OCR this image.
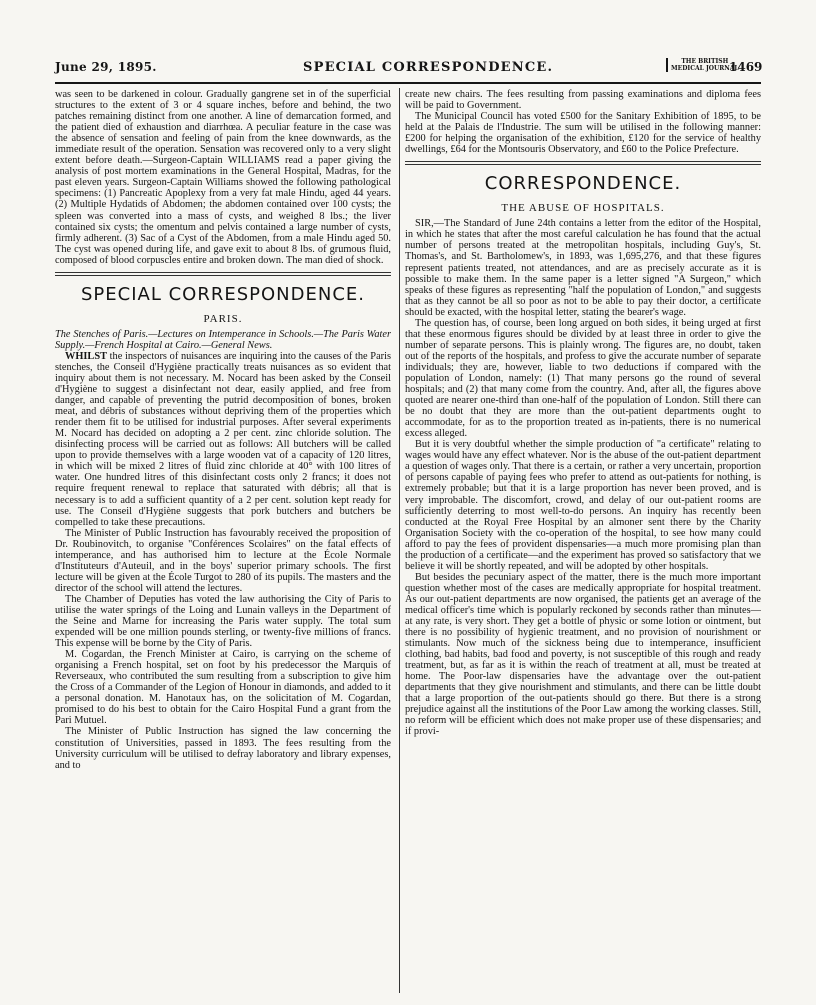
June 29, 1895.	SPECIAL CORRESPONDENCE.	THE BRITISH
MEDICAL JOURNAL
1469

was seen to be darkened in colour. Gradually gangrene set in of the superficial structures to the extent of 3 or 4 square inches, before and behind, the two patches remaining distinct from one another. A line of demarcation formed, and the patient died of exhaustion and diarrhœa. A peculiar feature in the case was the absence of sensation and feeling of pain from the knee downwards, as the immediate result of the operation. Sensation was recovered only to a very slight extent before death.—Surgeon-Captain WILLIAMS read a paper giving the analysis of post mortem examinations in the General Hospital, Madras, for the past eleven years. Surgeon-Captain Williams showed the following pathological specimens: (1) Pancreatic Apoplexy from a very fat male Hindu, aged 44 years. (2) Multiple Hydatids of Abdomen; the abdomen contained over 100 cysts; the spleen was converted into a mass of cysts, and weighed 8 lbs.; the liver contained six cysts; the omentum and pelvis contained a large number of cysts, firmly adherent. (3) Sac of a Cyst of the Abdomen, from a male Hindu aged 50. The cyst was opened during life, and gave exit to about 8 lbs. of grumous fluid, composed of blood corpuscles entire and broken down. The man died of shock.

SPECIAL CORRESPONDENCE.
PARIS.

The Stenches of Paris.—Lectures on Intemperance in Schools.—The Paris Water Supply.—French Hospital at Cairo.—General News.

WHILST the inspectors of nuisances are inquiring into the causes of the Paris stenches, the Conseil d'Hygiène practically treats nuisances as so evident that inquiry about them is not necessary. M. Nocard has been asked by the Conseil d'Hygiène to suggest a disinfectant not dear, easily applied, and free from danger, and capable of preventing the putrid decomposition of bones, broken meat, and débris of substances without depriving them of the properties which render them fit to be utilised for industrial purposes. After several experiments M. Nocard has decided on adopting a 2 per cent. zinc chloride solution. The disinfecting process will be carried out as follows: All butchers will be called upon to provide themselves with a large wooden vat of a capacity of 120 litres, in which will be mixed 2 litres of fluid zinc chloride at 40° with 100 litres of water. One hundred litres of this disinfectant costs only 2 francs; it does not require frequent renewal to replace that saturated with débris; all that is necessary is to add a sufficient quantity of a 2 per cent. solution kept ready for use. The Conseil d'Hygiène suggests that pork butchers and butchers be compelled to take these precautions.

The Minister of Public Instruction has favourably received the proposition of Dr. Roubinovitch, to organise "Conférences Scolaires" on the fatal effects of intemperance, and has authorised him to lecture at the École Normale d'Instituteurs d'Auteuil, and in the boys' superior primary schools. The first lecture will be given at the École Turgot to 280 of its pupils. The masters and the director of the school will attend the lectures.

The Chamber of Deputies has voted the law authorising the City of Paris to utilise the water springs of the Loing and Lunain valleys in the Department of the Seine and Marne for increasing the Paris water supply. The total sum expended will be one million pounds sterling, or twenty-five millions of francs. This expense will be borne by the City of Paris.

M. Cogardan, the French Minister at Cairo, is carrying on the scheme of organising a French hospital, set on foot by his predecessor the Marquis of Reverseaux, who contributed the sum resulting from a subscription to give him the Cross of a Commander of the Legion of Honour in diamonds, and added to it a personal donation. M. Hanotaux has, on the solicitation of M. Cogardan, promised to do his best to obtain for the Cairo Hospital Fund a grant from the Pari Mutuel.

The Minister of Public Instruction has signed the law concerning the constitution of Universities, passed in 1893. The fees resulting from the University curriculum will be utilised to defray laboratory and library expenses, and to

create new chairs. The fees resulting from passing examinations and diploma fees will be paid to Government.

The Municipal Council has voted £500 for the Sanitary Exhibition of 1895, to be held at the Palais de l'Industrie. The sum will be utilised in the following manner: £200 for helping the organisation of the exhibition, £120 for the service of healthy dwellings, £64 for the Montsouris Observatory, and £60 to the Police Prefecture.

CORRESPONDENCE.
THE ABUSE OF HOSPITALS.

SIR,—The Standard of June 24th contains a letter from the editor of the Hospital, in which he states that after the most careful calculation he has found that the actual number of persons treated at the metropolitan hospitals, including Guy's, St. Thomas's, and St. Bartholomew's, in 1893, was 1,695,276, and that these figures represent patients treated, not attendances, and are as precisely accurate as it is possible to make them. In the same paper is a letter signed "A Surgeon," which speaks of these figures as representing "half the population of London," and suggests that as they cannot be all so poor as not to be able to pay their doctor, a certificate should be exacted, with the hospital letter, stating the bearer's wage.

The question has, of course, been long argued on both sides, it being urged at first that these enormous figures should be divided by at least three in order to give the number of separate persons. This is plainly wrong. The figures are, no doubt, taken out of the reports of the hospitals, and profess to give the accurate number of separate individuals; they are, however, liable to two deductions if compared with the population of London, namely: (1) That many persons go the round of several hospitals; and (2) that many come from the country. And, after all, the figures above quoted are nearer one-third than one-half of the population of London. Still there can be no doubt that they are more than the out-patient departments ought to accommodate, for as to the proportion treated as in-patients, there is no numerical excess alleged.

But it is very doubtful whether the simple production of "a certificate" relating to wages would have any effect whatever. Nor is the abuse of the out-patient department a question of wages only. That there is a certain, or rather a very uncertain, proportion of persons capable of paying fees who prefer to attend as out-patients for nothing, is extremely probable; but that it is a large proportion has never been proved, and is very improbable. The discomfort, crowd, and delay of our out-patient rooms are sufficiently deterring to most well-to-do persons. An inquiry has recently been conducted at the Royal Free Hospital by an almoner sent there by the Charity Organisation Society with the co-operation of the hospital, to see how many could afford to pay the fees of provident dispensaries—a much more promising plan than the production of a certificate—and the experiment has proved so satisfactory that we believe it will be shortly repeated, and will be adopted by other hospitals.

But besides the pecuniary aspect of the matter, there is the much more important question whether most of the cases are medically appropriate for hospital treatment. As our out-patient departments are now organised, the patients get an average of the medical officer's time which is popularly reckoned by seconds rather than minutes—at any rate, is very short. They get a bottle of physic or some lotion or ointment, but there is no possibility of hygienic treatment, and no provision of nourishment or stimulants. Now much of the sickness being due to intemperance, insufficient clothing, bad habits, bad food and poverty, is not susceptible of this rough and ready treatment, but, as far as it is within the reach of treatment at all, must be treated at home. The Poor-law dispensaries have the advantage over the out-patient departments that they give nourishment and stimulants, and there can be little doubt that a large proportion of the out-patients should go there. But there is a strong prejudice against all the institutions of the Poor Law among the working classes. Still, no reform will be efficient which does not make proper use of these dispensaries; and if provi-
